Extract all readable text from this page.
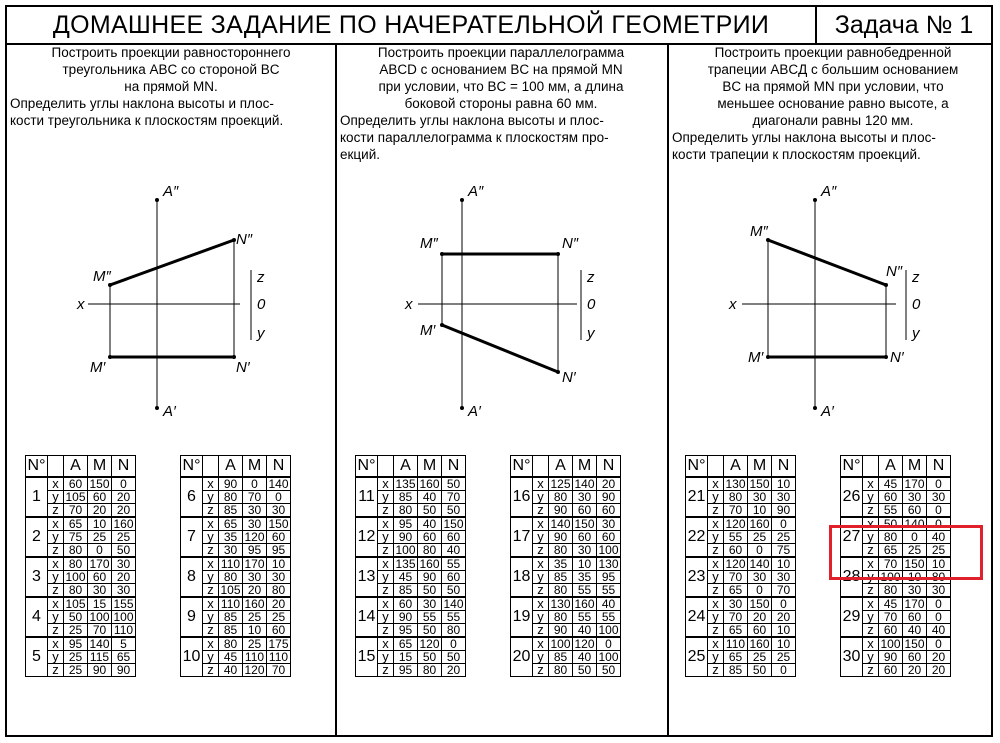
ДОМАШНЕЕ ЗАДАНИЕ ПО НАЧЕРАТЕЛЬНОЙ ГЕОМЕТРИИ	Задача № 1

Построить проекции равностороннего

треугольника ABC со стороной BC

на прямой MN.

Определить углы наклона высоты и плос-

кости треугольника к плоскостям проекций.

Построить проекции параллелограмма

ABCD с основанием BC на прямой MN

при условии, что BC = 100 мм, а длина

боковой стороны равна 60 мм.

Определить углы наклона высоты и плос-

кости параллелограмма к плоскостям про-

екций.

Построить проекции равнобедренной

трапеции ABCД с большим основанием

BC на прямой MN при условии, что

меньшее основание равно высоте, а

диагонали равны 120 мм.

Определить углы наклона высоты и плос-

кости трапеции к плоскостям проекций.

A″
A′
M″
N″
M′	N′
x
z
0
y
A″
A′
M″	N″
M′
N′
x
z
0
y
A″
A′
M″
N″
M′	N′
x
z
0
y
N°		A	M	N
1	x	60	150	0
	y	105	60	20
	z	70	20	20
2	x	65	10	160
	y	75	25	25
	z	80	0	50
3	x	80	170	30
	y	100	60	20
	z	80	30	30
4	x	105	15	155
	y	50	100	100
	z	25	70	110
5	x	95	140	5
	y	25	115	65
	z	25	90	90
N°		A	M	N
6	x	90	0	140
	y	80	70	0
	z	85	30	30
7	x	65	30	150
	y	35	120	60
	z	30	95	95
8	x	110	170	10
	y	80	30	30
	z	105	20	80
9	x	110	160	20
	y	85	25	25
	z	85	10	60
10	x	80	25	175
	y	45	110	110
	z	40	120	70
N°		A	M	N
11	x	135	160	50
	y	85	40	70
	z	80	50	50
12	x	95	40	150
	y	90	60	60
	z	100	80	40
13	x	135	160	55
	y	45	90	60
	z	85	50	50
14	x	60	30	140
	y	90	55	55
	z	95	50	80
15	x	65	120	0
	y	15	50	50
	z	95	80	20
N°		A	M	N
16	x	125	140	20
	y	80	30	90
	z	90	60	60
17	x	140	150	30
	y	90	60	60
	z	80	30	100
18	x	35	10	130
	y	85	35	95
	z	80	55	55
19	x	130	160	40
	y	80	55	55
	z	90	40	100
20	x	100	120	0
	y	85	40	100
	z	80	50	50
N°		A	M	N
21	x	130	150	10
	y	80	30	30
	z	70	10	90
22	x	120	160	0
	y	55	25	25
	z	60	0	75
23	x	120	140	10
	y	70	30	30
	z	65	0	70
24	x	30	150	0
	y	70	20	20
	z	65	60	10
25	x	110	160	10
	y	65	25	25
	z	85	50	0
N°		A	M	N
26	x	45	170	0
	y	60	30	30
	z	55	60	0
27	x	50	140	0
	y	80	0	40
	z	65	25	25
28	x	70	150	10
	y	100	10	80
	z	80	30	30
29	x	45	170	0
	y	70	60	0
	z	60	40	40
30	x	100	150	0
	y	90	60	20
	z	60	20	20
